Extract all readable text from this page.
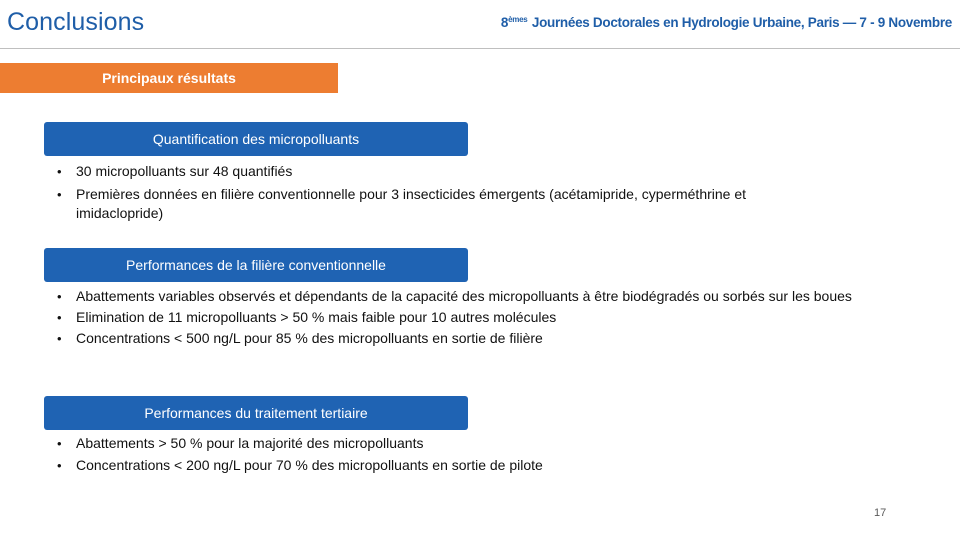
Conclusions	8èmes Journées Doctorales en Hydrologie Urbaine, Paris — 7 - 9 Novembre
Principaux résultats
Quantification des micropolluants
• 30 micropolluants sur 48 quantifiés
• Premières données en filière conventionnelle pour 3 insecticides émergents (acétamipride, cyperméthrine et imidaclopride)
Performances de la filière conventionnelle
• Abattements variables observés et dépendants de la capacité des micropolluants à être biodégradés ou sorbés sur les boues
• Elimination de 11 micropolluants > 50 % mais faible pour 10 autres molécules
• Concentrations < 500 ng/L pour 85 % des micropolluants en sortie de filière
Performances du traitement tertiaire
• Abattements > 50 % pour la majorité des micropolluants
• Concentrations < 200 ng/L pour 70 % des micropolluants en sortie de pilote
17
